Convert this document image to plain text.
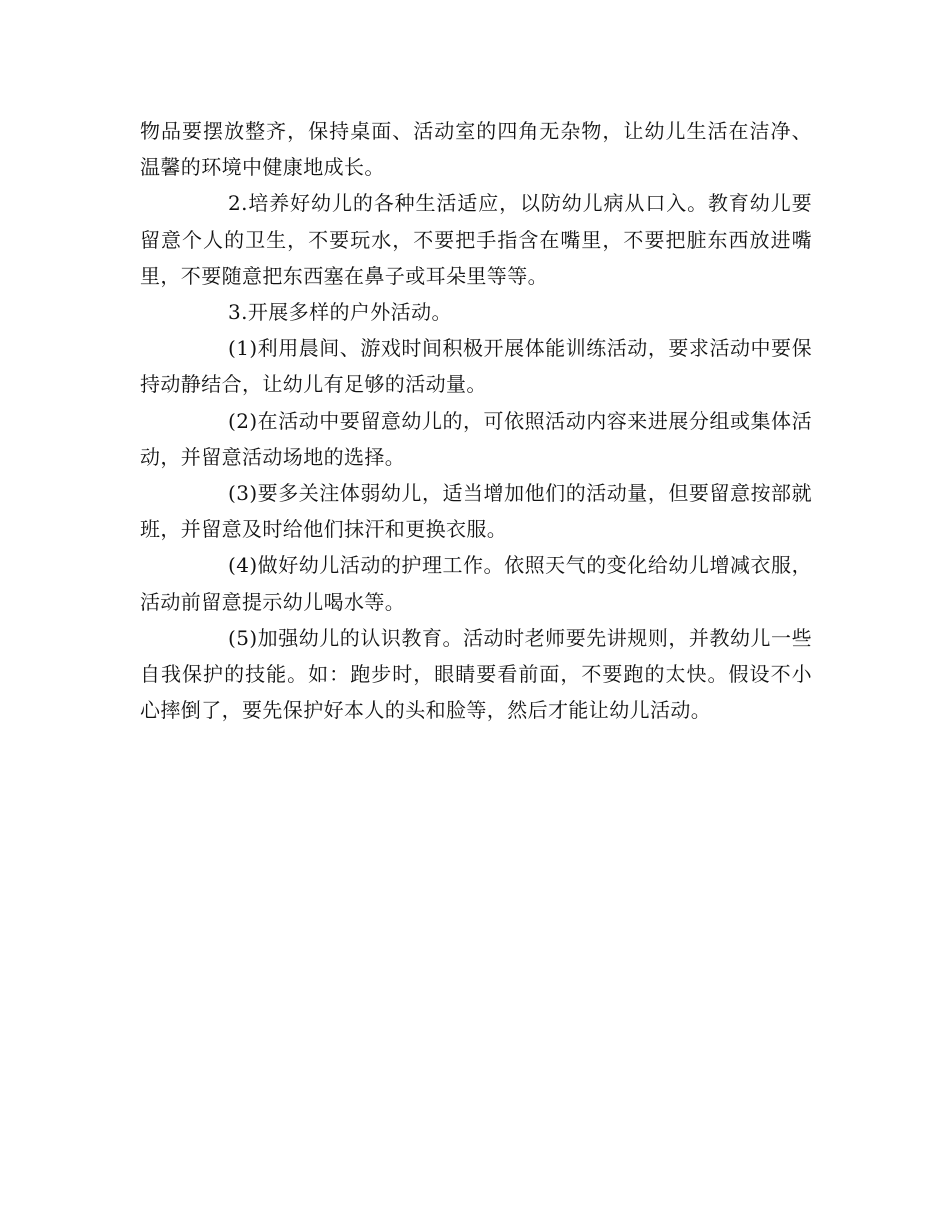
物品要摆放整齐，保持桌面、活动室的四角无杂物，让幼儿生活在洁净、温馨的环境中健康地成长。

2.培养好幼儿的各种生活适应，以防幼儿病从口入。教育幼儿要留意个人的卫生，不要玩水，不要把手指含在嘴里，不要把脏东西放进嘴里，不要随意把东西塞在鼻子或耳朵里等等。

3.开展多样的户外活动。

(1)利用晨间、游戏时间积极开展体能训练活动，要求活动中要保持动静结合，让幼儿有足够的活动量。

(2)在活动中要留意幼儿的，可依照活动内容来进展分组或集体活动，并留意活动场地的选择。

(3)要多关注体弱幼儿，适当增加他们的活动量，但要留意按部就班，并留意及时给他们抹汗和更换衣服。

(4)做好幼儿活动的护理工作。依照天气的变化给幼儿增减衣服，活动前留意提示幼儿喝水等。

(5)加强幼儿的认识教育。活动时老师要先讲规则，并教幼儿一些自我保护的技能。如：跑步时，眼睛要看前面，不要跑的太快。假设不小心摔倒了，要先保护好本人的头和脸等，然后才能让幼儿活动。
